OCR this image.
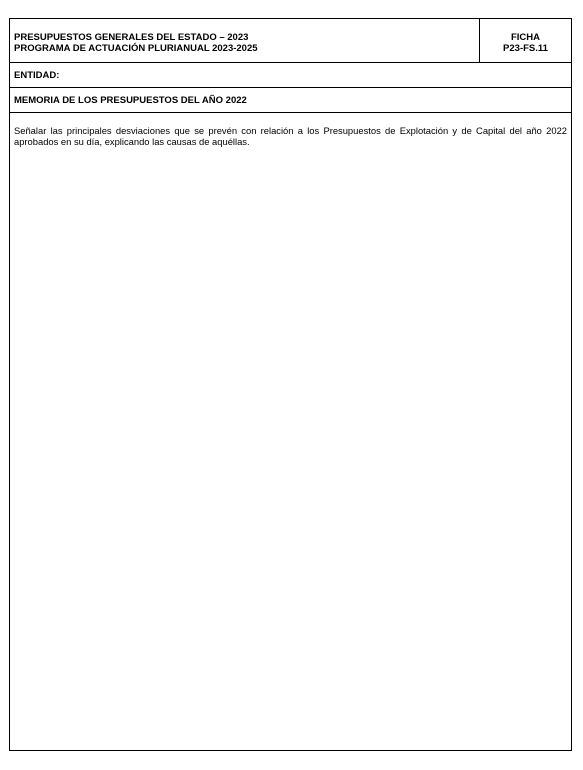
PRESUPUESTOS GENERALES DEL ESTADO – 2023
PROGRAMA DE ACTUACIÓN PLURIANUAL 2023-2025
FICHA
P23-FS.11
ENTIDAD:
MEMORIA DE LOS PRESUPUESTOS DEL AÑO 2022
Señalar las principales desviaciones que se prevén con relación a los Presupuestos de Explotación y de Capital del año 2022 aprobados en su día, explicando las causas de aquéllas.
